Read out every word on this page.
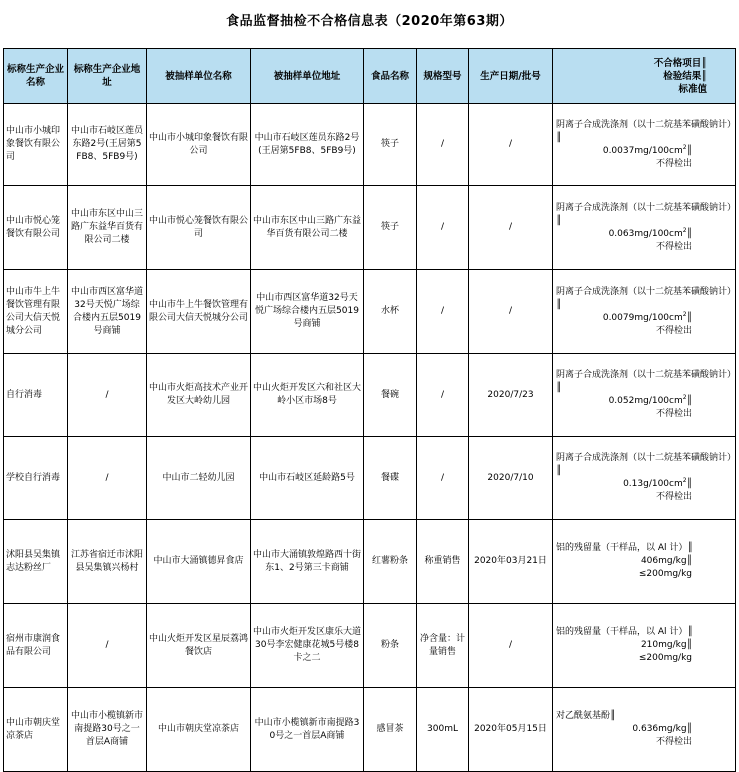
食品监督抽检不合格信息表（2020年第63期）
标称生产企业名称	标称生产企业地址	被抽样单位名称	被抽样单位地址	食品名称	规格型号	生产日期/批号	不合格项目║
检验结果║
标准值

中山市小城印象餐饮有限公司	中山市石岐区莲员东路2号(王居第5FB8、5FB9号)	中山市小城印象餐饮有限公司	中山市石岐区莲员东路2号(王居第5FB8、5FB9号)	筷子	/	/	阴离子合成洗涤剂（以十二烷基苯磺酸钠计）║
$0.0037mg/100cm^2║$
不得检出

中山市悦心笼餐饮有限公司	中山市东区中山三路广东益华百货有限公司二楼	中山市悦心笼餐饮有限公司	中山市东区中山三路广东益华百货有限公司二楼	筷子	/	/	阴离子合成洗涤剂（以十二烷基苯磺酸钠计）║
$0.063mg/100cm^2║$
不得检出

中山市牛上牛餐饮管理有限公司大信天悦城分公司	中山市西区富华道32号天悦广场综合楼内五层5019号商铺	中山市牛上牛餐饮管理有限公司大信天悦城分公司	中山市西区富华道32号天悦广场综合楼内五层5019号商铺	水杯	/	/	阴离子合成洗涤剂（以十二烷基苯磺酸钠计）║
$0.0079mg/100cm^2║$
不得检出

自行消毒	/	中山市火炬高技术产业开发区大岭幼儿园	中山火炬开发区六和社区大岭小区市场8号	餐碗	/	2020/7/23	阴离子合成洗涤剂（以十二烷基苯磺酸钠计）║
$0.052mg/100cm^2║$
不得检出

学校自行消毒	/	中山市二轻幼儿园	中山市石岐区延龄路5号	餐碟	/	2020/7/10	阴离子合成洗涤剂（以十二烷基苯磺酸钠计）║
$0.13g/100cm^2║$
不得检出

沭阳县吴集镇志达粉丝厂	江苏省宿迁市沭阳县吴集镇兴杨村	中山市大涌镇德昇食店	中山市大涌镇敦煌路西十街东1、2号第三卡商铺	红薯粉条	称重销售	2020年03月21日	铝的残留量（干样品，以 Al 计）║
406mg/kg║
≤200mg/kg

宿州市康润食品有限公司	/	中山火炬开发区星辰荔鸿餐饮店	中山市火炬开发区康乐大道30号李宏健康花城5号楼8卡之二	粉条	净含量：计量销售	/	铝的残留量（干样品，以 Al 计）║
210mg/kg║
≤200mg/kg

中山市朝庆堂凉茶店	中山市小榄镇新市南提路30号之一首层A商铺	中山市朝庆堂凉茶店	中山市小榄镇新市南提路30号之一首层A商铺	感冒茶	300mL	2020年05月15日	对乙酰氨基酚║
0.636mg/kg║
不得检出
